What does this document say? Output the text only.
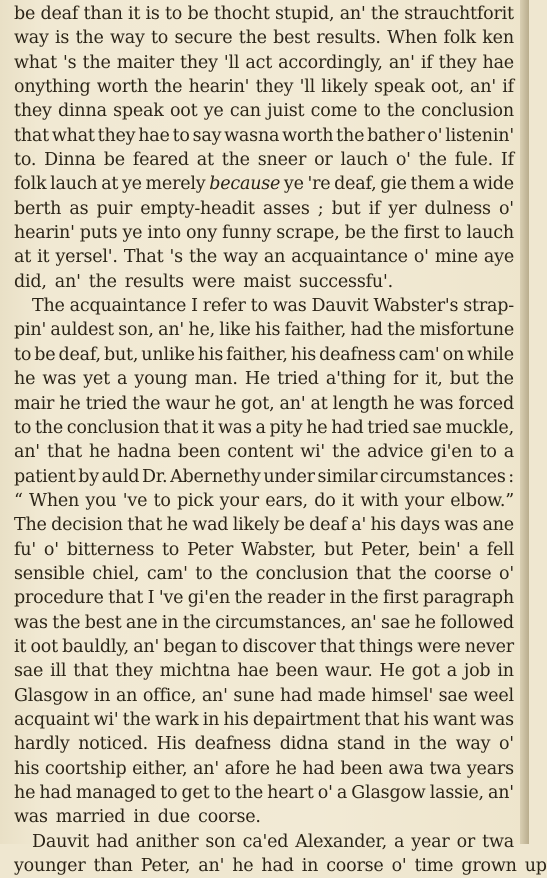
be deaf than it is to be thocht stupid, an' the strauchtforit
way is the way to secure the best results. When folk ken
what 's the maiter they 'll act accordingly, an' if they hae
onything worth the hearin' they 'll likely speak oot, an' if
they dinna speak oot ye can juist come to the conclusion
that what they hae to say wasna worth the bather o' listenin'
to. Dinna be feared at the sneer or lauch o' the fule. If
folk lauch at ye merely because ye 're deaf, gie them a wide
berth as puir empty-headit asses ; but if yer dulness o'
hearin' puts ye into ony funny scrape, be the first to lauch
at it yersel'. That 's the way an acquaintance o' mine aye
did, an' the results were maist successfu'.
The acquaintance I refer to was Dauvit Wabster's strap-
pin' auldest son, an' he, like his faither, had the misfortune
to be deaf, but, unlike his faither, his deafness cam' on while
he was yet a young man. He tried a'thing for it, but the
mair he tried the waur he got, an' at length he was forced
to the conclusion that it was a pity he had tried sae muckle,
an' that he hadna been content wi' the advice gi'en to a
patient by auld Dr. Abernethy under similar circumstances :
“ When you 've to pick your ears, do it with your elbow.”
The decision that he wad likely be deaf a' his days was ane
fu' o' bitterness to Peter Wabster, but Peter, bein' a fell
sensible chiel, cam' to the conclusion that the coorse o'
procedure that I 've gi'en the reader in the first paragraph
was the best ane in the circumstances, an' sae he followed
it oot bauldly, an' began to discover that things were never
sae ill that they michtna hae been waur. He got a job in
Glasgow in an office, an' sune had made himsel' sae weel
acquaint wi' the wark in his depairtment that his want was
hardly noticed. His deafness didna stand in the way o'
his coortship either, an' afore he had been awa twa years
he had managed to get to the heart o' a Glasgow lassie, an'
was married in due coorse.
Dauvit had anither son ca'ed Alexander, a year or twa
younger than Peter, an' he had in coorse o' time grown up
